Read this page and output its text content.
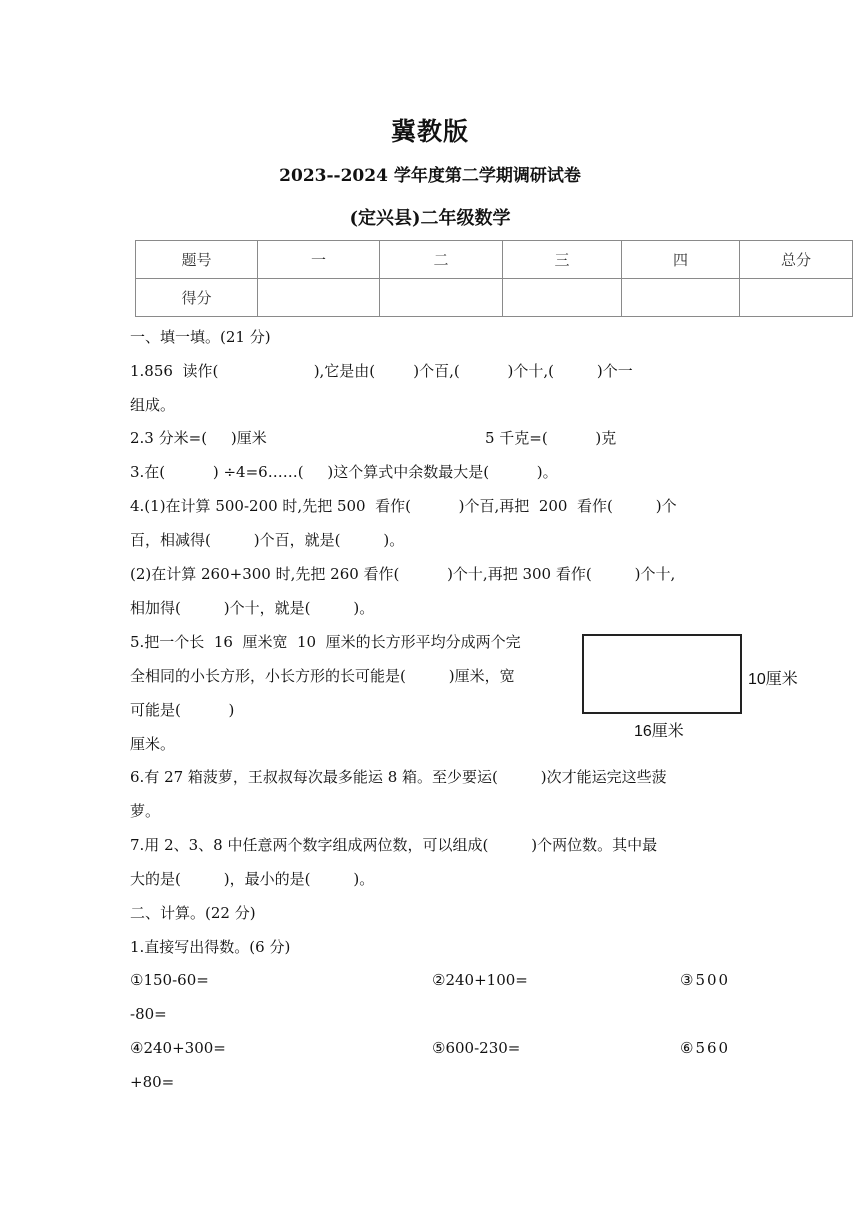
冀教版
2023--2024 学年度第二学期调研试卷
(定兴县)二年级数学
题号	一	二	三	四	总分
得分					
一、填一填。(21 分)
1.856  读作(                    ),它是由(        )个百,(          )个十,(         )个一
组成。
2.3 分米=(     )厘米	5 千克=(          )克
3.在(          ) ÷4=6……(     )这个算式中余数最大是(          )。
4.(1)在计算 500-200 时,先把 500  看作(          )个百,再把  200  看作(         )个
百，相减得(         )个百，就是(         )。
(2)在计算 260+300 时,先把 260 看作(          )个十,再把 300 看作(         )个十,
相加得(         )个十，就是(         )。
5.把一个长  16  厘米宽  10  厘米的长方形平均分成两个完
全相同的小长方形，小长方形的长可能是(         )厘米，宽
可能是(          )
厘米。
10厘米
16厘米
6.有 27 箱菠萝，王叔叔每次最多能运 8 箱。至少要运(         )次才能运完这些菠
萝。
7.用 2、3、8 中任意两个数字组成两位数，可以组成(         )个两位数。其中最
大的是(         )，最小的是(         )。
二、计算。(22 分)
1.直接写出得数。(6 分)
①150-60=	②240+100=	③500
-80=
④240+300=	⑤600-230=	⑥560
+80=
